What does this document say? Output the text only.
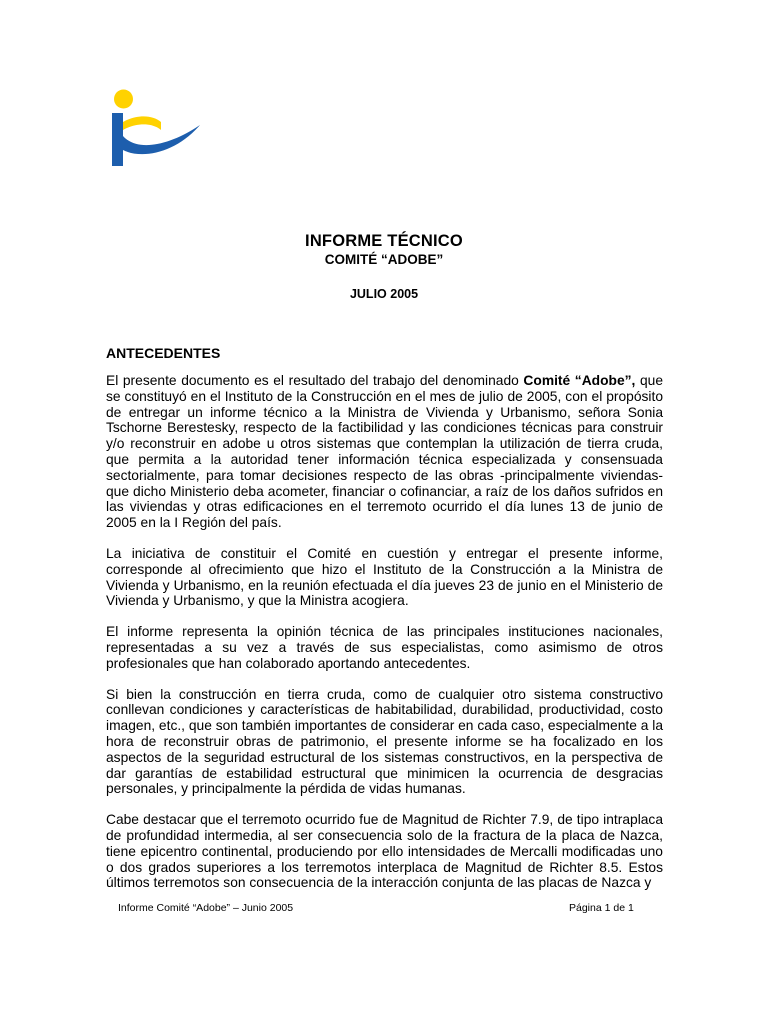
INFORME TÉCNICO
COMITÉ “ADOBE”
JULIO 2005
ANTECEDENTES

El presente documento es el resultado del trabajo del denominado Comité “Adobe”, que se constituyó en el Instituto de la Construcción en el mes de julio de 2005, con el propósito de entregar un informe técnico a la Ministra de Vivienda y Urbanismo, señora Sonia Tschorne Berestesky, respecto de la factibilidad y las condiciones técnicas para construir y/o reconstruir en adobe u otros sistemas que contemplan la utilización de tierra cruda, que permita a la autoridad tener información técnica especializada y consensuada sectorialmente, para tomar decisiones respecto de las obras -principalmente viviendas- que dicho Ministerio deba acometer, financiar o cofinanciar, a raíz de los daños sufridos en las viviendas y otras edificaciones en el terremoto ocurrido el día lunes 13 de junio de 2005 en la I Región del país.

La iniciativa de constituir el Comité en cuestión y entregar el presente informe, corresponde al ofrecimiento que hizo el Instituto de la Construcción a la Ministra de Vivienda y Urbanismo, en la reunión efectuada el día jueves 23 de junio en el Ministerio de Vivienda y Urbanismo, y que la Ministra acogiera.

El informe representa la opinión técnica de las principales instituciones nacionales, representadas a su vez a través de sus especialistas, como asimismo de otros profesionales que han colaborado aportando antecedentes.

Si bien la construcción en tierra cruda, como de cualquier otro sistema constructivo conllevan condiciones y características de habitabilidad, durabilidad, productividad, costo imagen, etc., que son también importantes de considerar en cada caso, especialmente a la hora de reconstruir obras de patrimonio, el presente informe se ha focalizado en los aspectos de la seguridad estructural de los sistemas constructivos, en la perspectiva de dar garantías de estabilidad estructural que minimicen la ocurrencia de desgracias personales, y principalmente la pérdida de vidas humanas.

Cabe destacar que el terremoto ocurrido fue de Magnitud de Richter 7.9, de tipo intraplaca de profundidad intermedia, al ser consecuencia solo de la fractura de la placa de Nazca, tiene epicentro continental, produciendo por ello intensidades de Mercalli modificadas uno o dos grados superiores a los terremotos interplaca de Magnitud de Richter 8.5. Estos últimos terremotos son consecuencia de la interacción conjunta de las placas de Nazca y

Informe Comité “Adobe” – Junio 2005	Página 1 de 1
